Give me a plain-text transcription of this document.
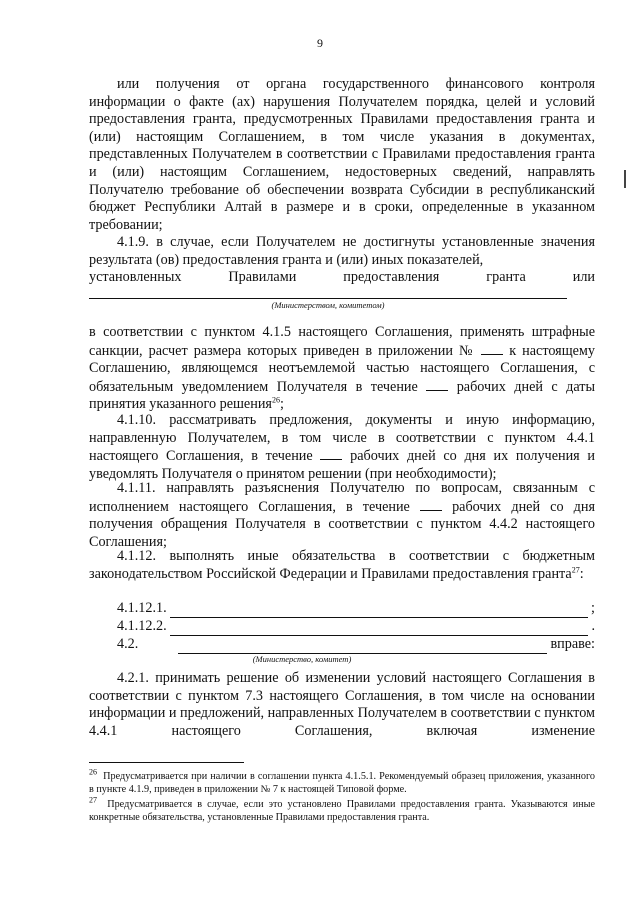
9

или получения от органа государственного финансового контроля информации о факте (ах) нарушения Получателем порядка, целей и условий предоставления гранта, предусмотренных Правилами предоставления гранта и (или) настоящим Соглашением, в том числе указания в документах, представленных Получателем в соответствии с Правилами предоставления гранта и (или) настоящим Соглашением, недостоверных сведений, направлять Получателю требование об обеспечении возврата Субсидии в республиканский бюджет Республики Алтай в размере и в сроки, определенные в указанном требовании;

4.1.9. в случае, если Получателем не достигнуты установленные значения результата (ов) предоставления гранта и (или) иных показателей,

установленных Правилами предоставления гранта или

(Министерством, комитетом)

в соответствии с пунктом 4.1.5 настоящего Соглашения, применять штрафные санкции, расчет размера которых приведен в приложении № к настоящему Соглашению, являющемся неотъемлемой частью настоящего Соглашения, с обязательным уведомлением Получателя в течение	рабочих дней с даты принятия указанного решения$^{26}$;

4.1.10. рассматривать предложения, документы и иную информацию, направленную Получателем, в том числе в соответствии с пунктом 4.4.1 настоящего Соглашения, в течение	рабочих дней со дня их получения и уведомлять Получателя о принятом решении (при необходимости);

4.1.11. направлять разъяснения Получателю по вопросам, связанным с исполнением настоящего Соглашения, в течение	рабочих дней со дня получения обращения Получателя в соответствии с пунктом 4.4.2 настоящего Соглашения;

4.1.12. выполнять иные обязательства в соответствии с бюджетным законодательством Российской Федерации и Правилами предоставления гранта$^{27}$:

4.1.12.1.	;
4.1.12.2.	.
4.2.	вправе:
(Министерство, комитет)

4.2.1. принимать решение об изменении условий настоящего Соглашения в соответствии с пунктом 7.3 настоящего Соглашения, в том числе на основании информации и предложений, направленных Получателем в соответствии с пунктом 4.4.1 настоящего Соглашения, включая изменение

$^{26}$ Предусматривается при наличии в соглашении пункта 4.1.5.1. Рекомендуемый образец приложения, указанного в пункте 4.1.9, приведен в приложении № 7 к настоящей Типовой форме.

$^{27}$ Предусматривается в случае, если это установлено Правилами предоставления гранта. Указываются иные конкретные обязательства, установленные Правилами предоставления гранта.
